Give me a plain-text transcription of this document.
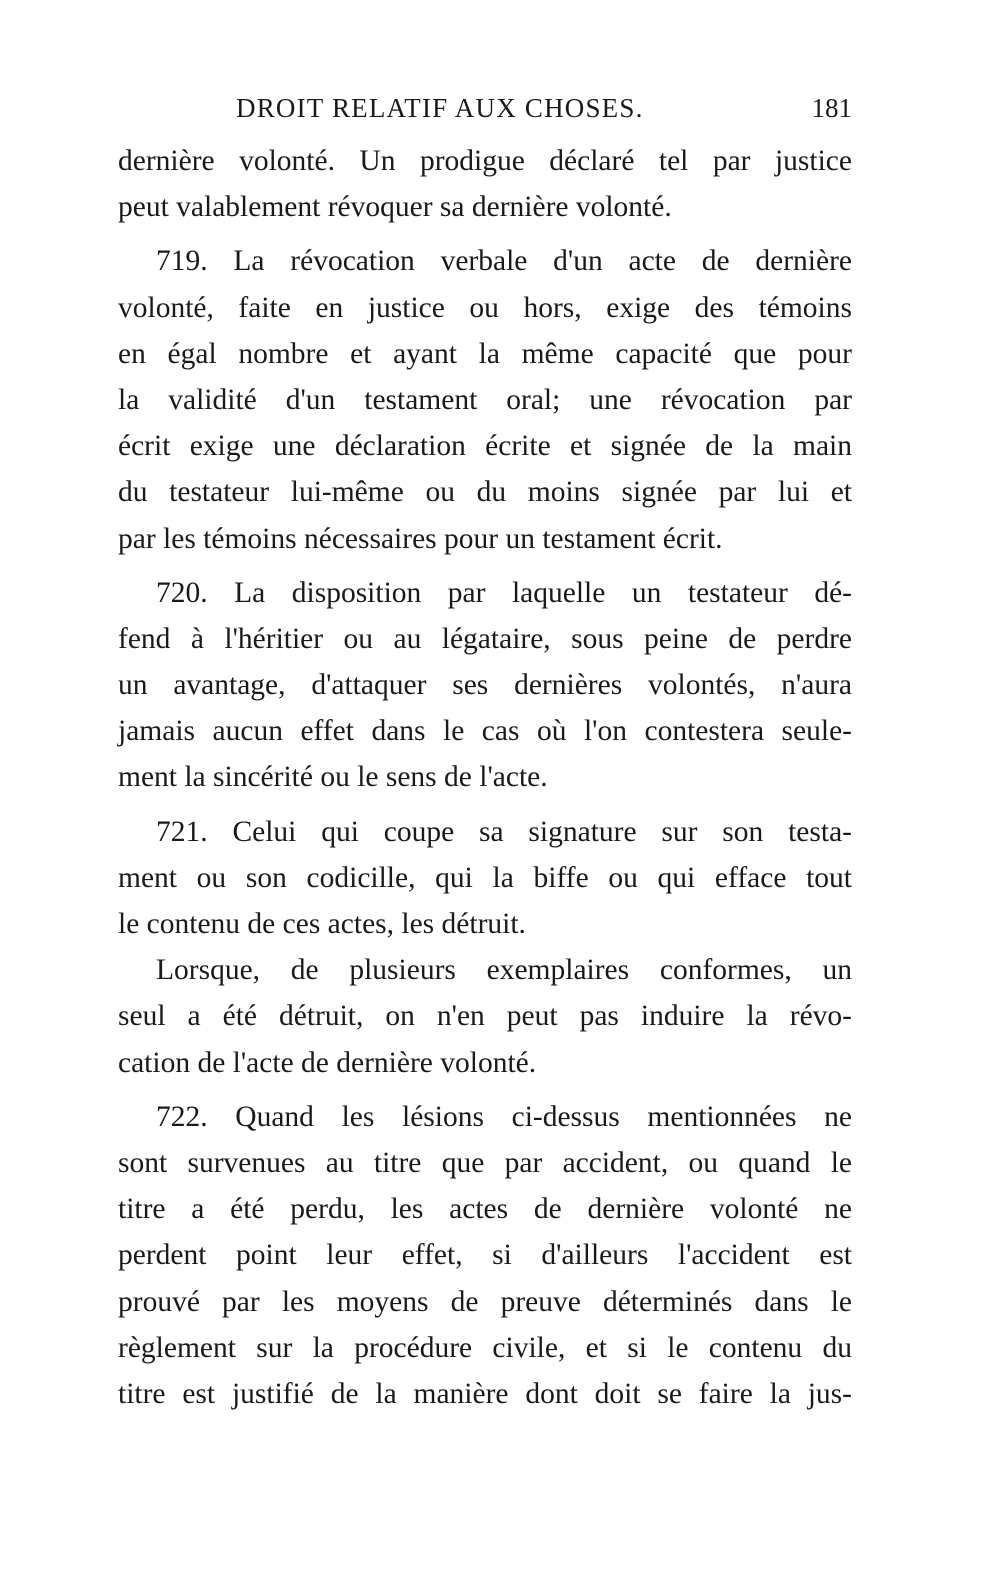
DROIT RELATIF AUX CHOSES.	181
dernière volonté. Un prodigue déclaré tel par justice
peut valablement révoquer sa dernière volonté.
719. La révocation verbale d'un acte de dernière
volonté, faite en justice ou hors, exige des témoins
en égal nombre et ayant la même capacité que pour
la validité d'un testament oral; une révocation par
écrit exige une déclaration écrite et signée de la main
du testateur lui-même ou du moins signée par lui et
par les témoins nécessaires pour un testament écrit.
720. La disposition par laquelle un testateur dé-
fend à l'héritier ou au légataire, sous peine de perdre
un avantage, d'attaquer ses dernières volontés, n'aura
jamais aucun effet dans le cas où l'on contestera seule-
ment la sincérité ou le sens de l'acte.
721. Celui qui coupe sa signature sur son testa-
ment ou son codicille, qui la biffe ou qui efface tout
le contenu de ces actes, les détruit.
Lorsque, de plusieurs exemplaires conformes, un
seul a été détruit, on n'en peut pas induire la révo-
cation de l'acte de dernière volonté.
722. Quand les lésions ci-dessus mentionnées ne
sont survenues au titre que par accident, ou quand le
titre a été perdu, les actes de dernière volonté ne
perdent point leur effet, si d'ailleurs l'accident est
prouvé par les moyens de preuve déterminés dans le
règlement sur la procédure civile, et si le contenu du
titre est justifié de la manière dont doit se faire la jus-
